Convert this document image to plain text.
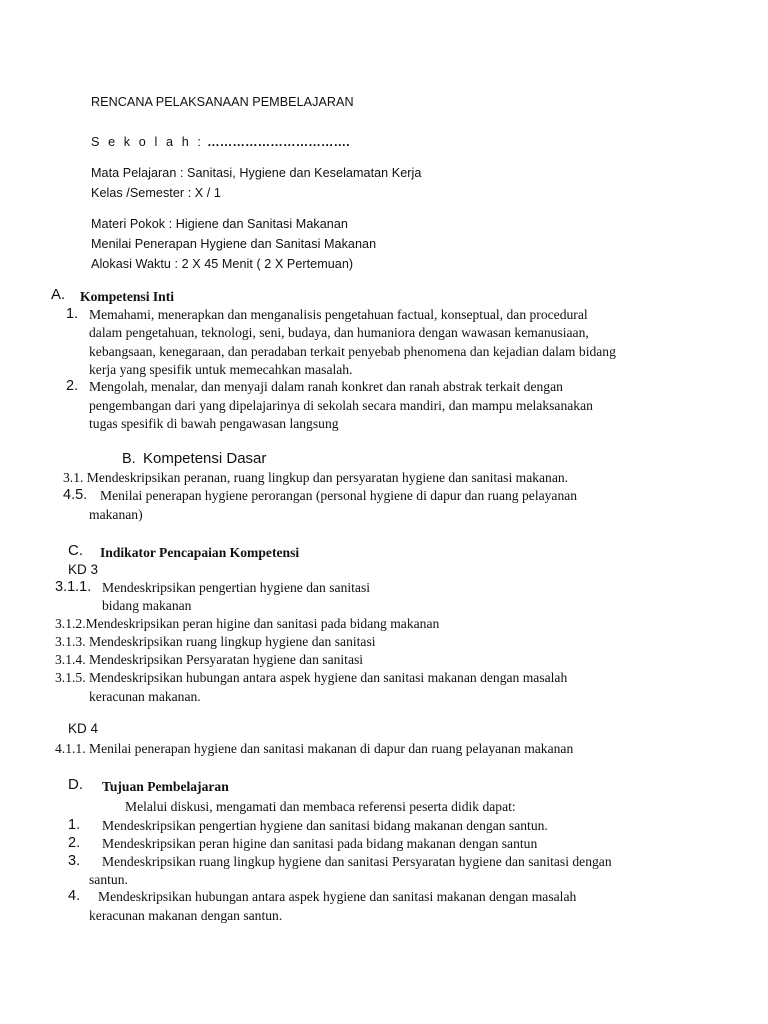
RENCANA PELAKSANAAN PEMBELAJARAN
S e k o l a h : …………………………….
Mata Pelajaran : Sanitasi, Hygiene dan Keselamatan Kerja
Kelas /Semester : X / 1
Materi Pokok : Higiene dan Sanitasi Makanan
Menilai Penerapan Hygiene dan Sanitasi Makanan
Alokasi Waktu : 2 X 45 Menit ( 2 X Pertemuan)
A. Kompetensi Inti
1. Memahami, menerapkan dan menganalisis pengetahuan factual, konseptual, dan procedural
dalam pengetahuan, teknologi, seni, budaya, dan humaniora dengan wawasan kemanusiaan,
kebangsaan, kenegaraan, dan peradaban terkait penyebab phenomena dan kejadian dalam bidang
kerja yang spesifik untuk memecahkan masalah.
2. Mengolah, menalar, dan menyaji dalam ranah konkret dan ranah abstrak terkait dengan
pengembangan dari yang dipelajarinya di sekolah secara mandiri, dan mampu melaksanakan
tugas spesifik di bawah pengawasan langsung
B. Kompetensi Dasar
3.1. Mendeskripsikan peranan, ruang lingkup dan persyaratan hygiene dan sanitasi makanan.
4.5. Menilai penerapan hygiene perorangan (personal hygiene di dapur dan ruang pelayanan
makanan)
C. Indikator Pencapaian Kompetensi
KD 3
3.1.1. Mendeskripsikan pengertian hygiene dan sanitasi
bidang makanan
3.1.2.Mendeskripsikan peran higine dan sanitasi pada bidang makanan
3.1.3. Mendeskripsikan ruang lingkup hygiene dan sanitasi
3.1.4. Mendeskripsikan Persyaratan hygiene dan sanitasi
3.1.5. Mendeskripsikan hubungan antara aspek hygiene dan sanitasi makanan dengan masalah
keracunan makanan.
KD 4
4.1.1. Menilai penerapan hygiene dan sanitasi makanan di dapur dan ruang pelayanan makanan
D. Tujuan Pembelajaran
Melalui diskusi, mengamati dan membaca referensi peserta didik dapat:
1. Mendeskripsikan pengertian hygiene dan sanitasi bidang makanan dengan santun.
2. Mendeskripsikan peran higine dan sanitasi pada bidang makanan dengan santun
3. Mendeskripsikan ruang lingkup hygiene dan sanitasi Persyaratan hygiene dan sanitasi dengan
santun.
4. Mendeskripsikan hubungan antara aspek hygiene dan sanitasi makanan dengan masalah
keracunan makanan dengan santun.
